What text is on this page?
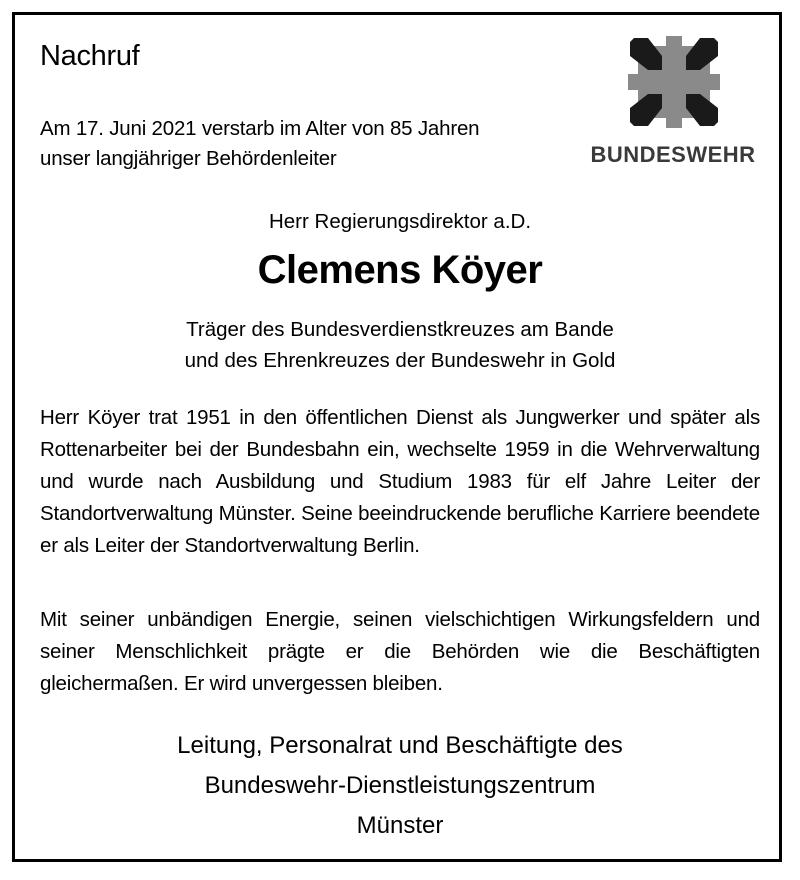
Nachruf
Am 17. Juni 2021 verstarb im Alter von 85 Jahren
unser langjähriger Behördenleiter	BUNDESWEHR
Herr Regierungsdirektor a.D.
Clemens Köyer
Träger des Bundesverdienstkreuzes am Bande
und des Ehrenkreuzes der Bundeswehr in Gold
Herr Köyer trat 1951 in den öffentlichen Dienst als Jungwerker und später als Rottenarbeiter bei der Bundesbahn ein, wechselte 1959 in die Wehrverwaltung und wurde nach Ausbildung und Studium 1983 für elf Jahre Leiter der Standortverwaltung Münster. Seine beeindruckende berufliche Karriere beendete er als Leiter der Standortverwaltung Berlin.
Mit seiner unbändigen Energie, seinen vielschichtigen Wirkungsfeldern und seiner Menschlichkeit prägte er die Behörden wie die Beschäftigten gleichermaßen. Er wird unvergessen bleiben.
Leitung, Personalrat und Beschäftigte des
Bundeswehr-Dienstleistungszentrum
Münster
